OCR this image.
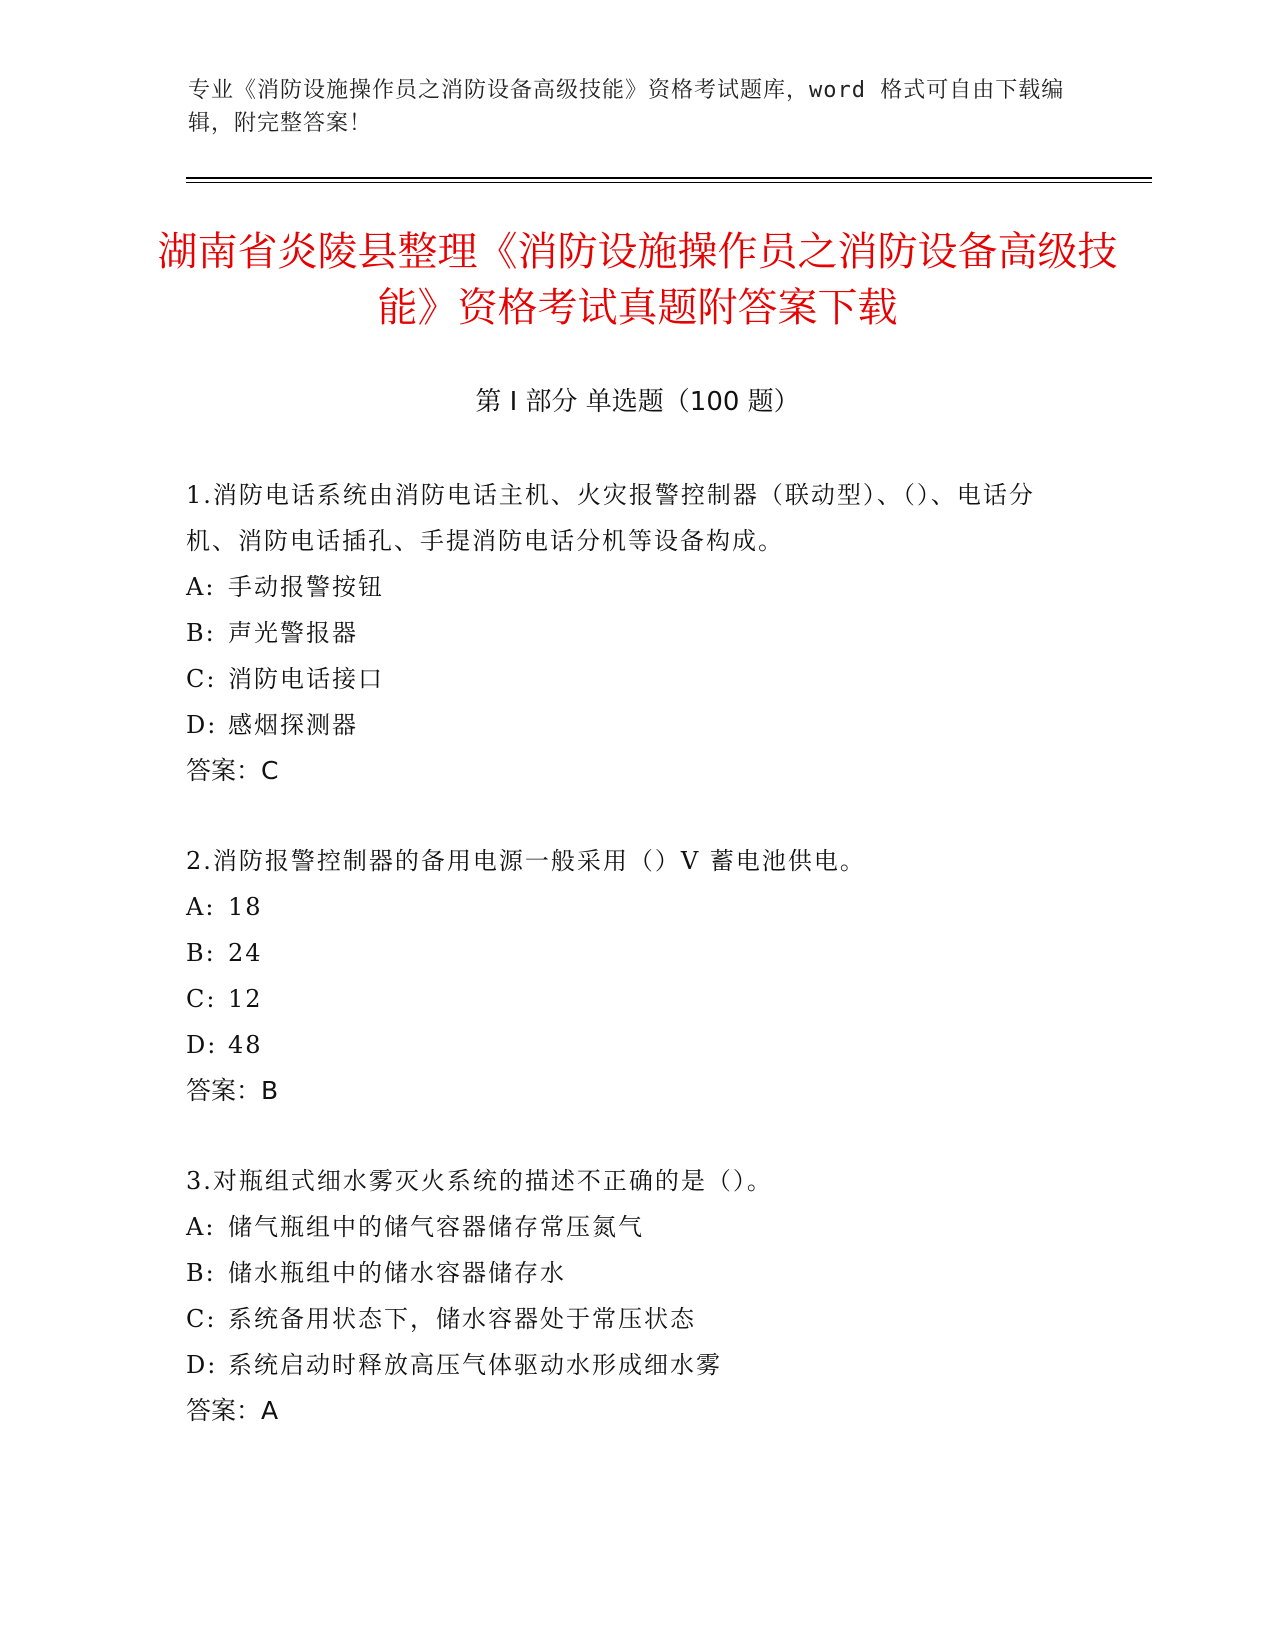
专业《消防设施操作员之消防设备高级技能》资格考试题库，word 格式可自由下载编辑，附完整答案！
湖南省炎陵县整理《消防设施操作员之消防设备高级技能》资格考试真题附答案下载
第 I 部分 单选题（100 题）

1.消防电话系统由消防电话主机、火灾报警控制器（联动型）、（）、电话分机、消防电话插孔、手提消防电话分机等设备构成。

A: 手动报警按钮

B: 声光警报器

C: 消防电话接口

D: 感烟探测器

答案：C

2.消防报警控制器的备用电源一般采用（）V 蓄电池供电。

A: 18

B: 24

C: 12

D: 48

答案：B

3.对瓶组式细水雾灭火系统的描述不正确的是（）。

A: 储气瓶组中的储气容器储存常压氮气

B: 储水瓶组中的储水容器储存水

C: 系统备用状态下，储水容器处于常压状态

D: 系统启动时释放高压气体驱动水形成细水雾

答案：A
